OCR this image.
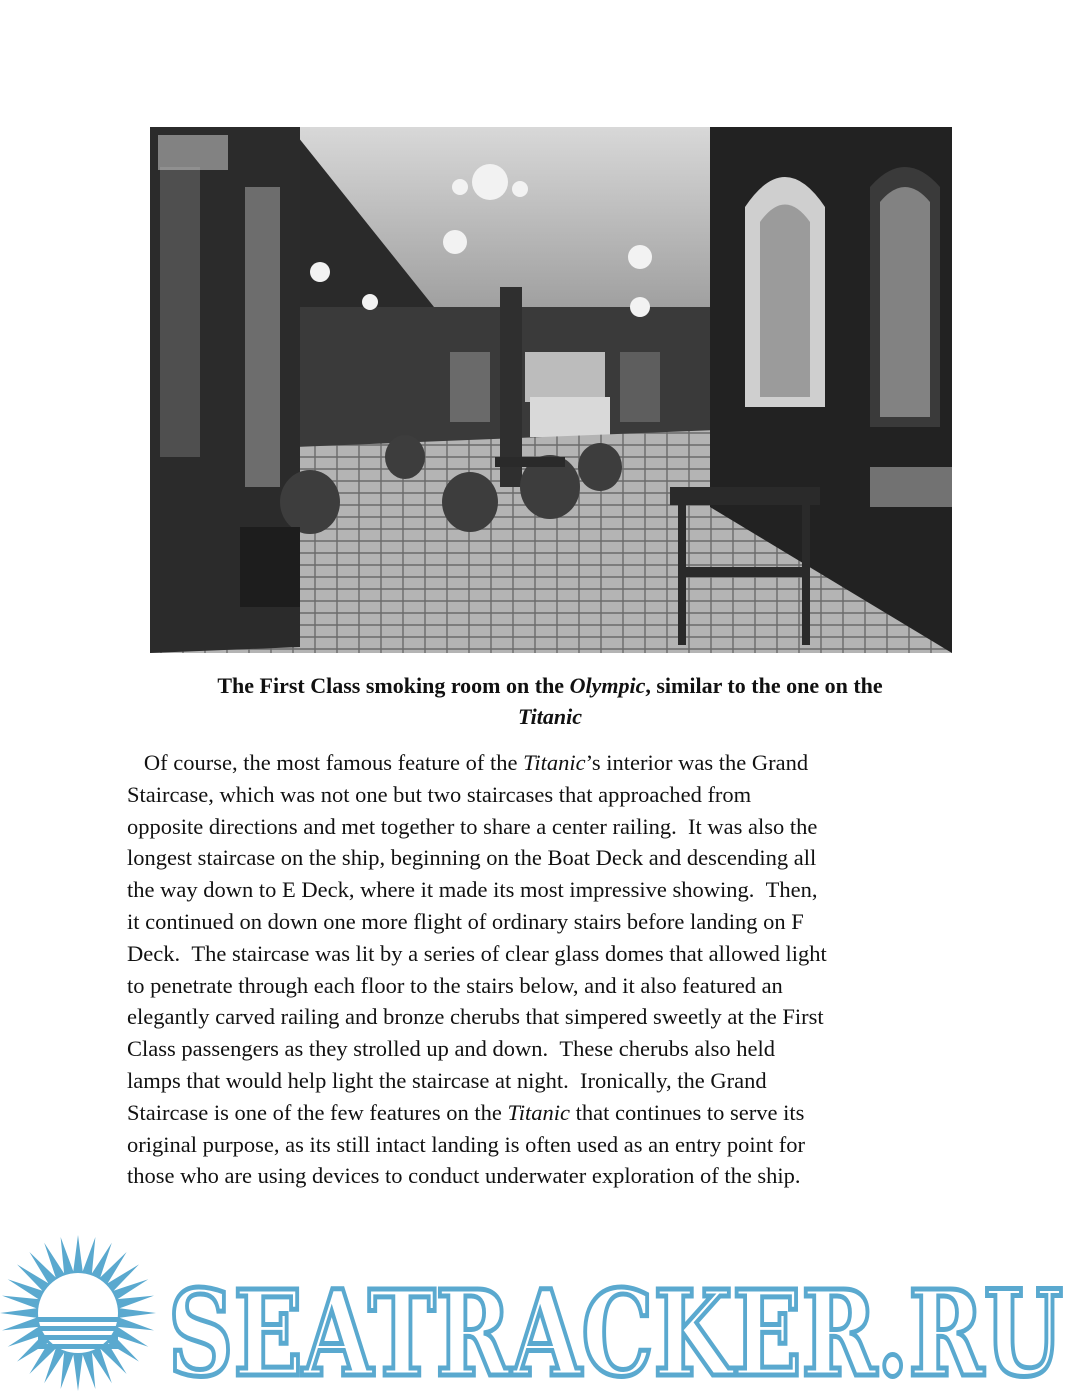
The First Class smoking room on the Olympic, similar to the one on the
Titanic
Of course, the most famous feature of the Titanic’s interior was the Grand
Staircase, which was not one but two staircases that approached from
opposite directions and met together to share a center railing.  It was also the
longest staircase on the ship, beginning on the Boat Deck and descending all
the way down to E Deck, where it made its most impressive showing.  Then,
it continued on down one more flight of ordinary stairs before landing on F
Deck.  The staircase was lit by a series of clear glass domes that allowed light
to penetrate through each floor to the stairs below, and it also featured an
elegantly carved railing and bronze cherubs that simpered sweetly at the First
Class passengers as they strolled up and down.  These cherubs also held
lamps that would help light the staircase at night.  Ironically, the Grand
Staircase is one of the few features on the Titanic that continues to serve its
original purpose, as its still intact landing is often used as an entry point for
those who are using devices to conduct underwater exploration of the ship.
SEATRACKER.RU
